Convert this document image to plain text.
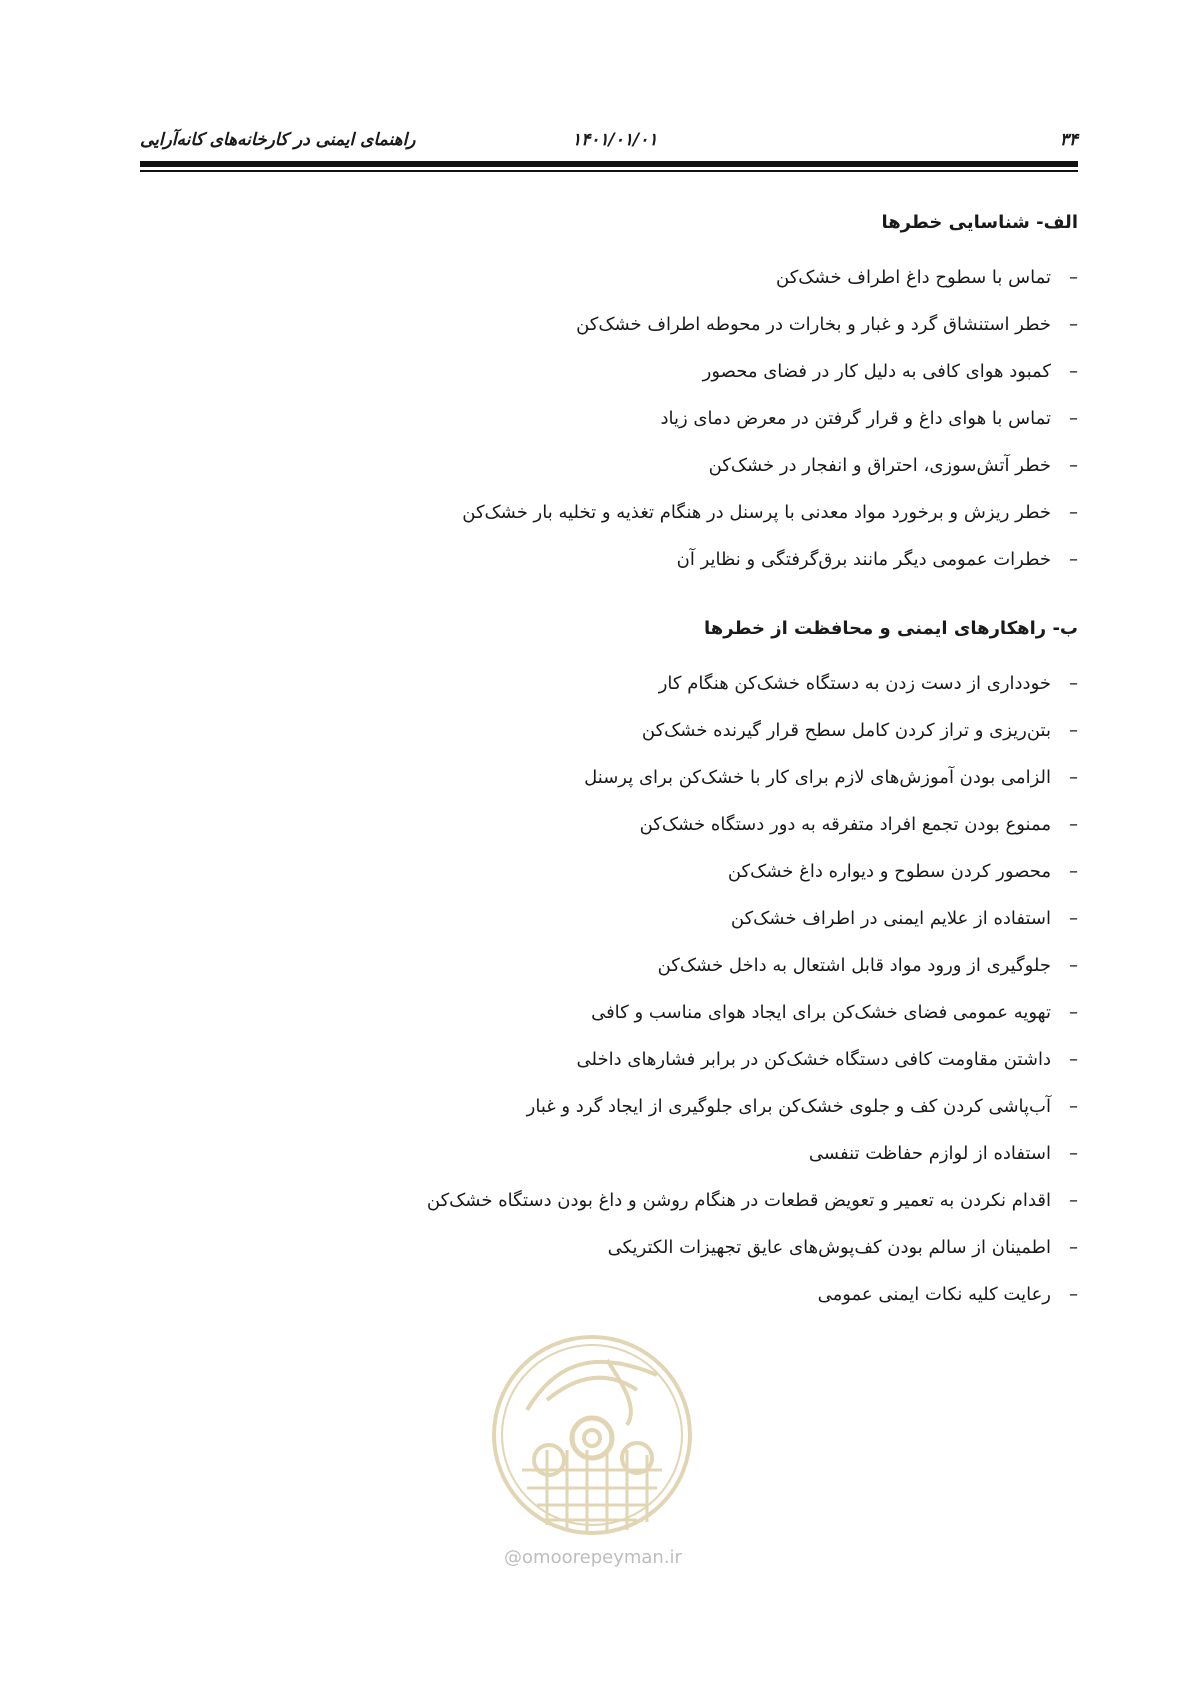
راهنمای ایمنی در کارخانه‌های کانه‌آرایی	۱۴۰۱/۰۱/۰۱	۳۴
الف- شناسایی خطرها
–
تماس با سطوح داغ اطراف خشک‌کن
–
خطر استنشاق گرد و غبار و بخارات در محوطه اطراف خشک‌کن
–
کمبود هوای کافی به دلیل کار در فضای محصور
–
تماس با هوای داغ و قرار گرفتن در معرض دمای زیاد
–
خطر آتش‌سوزی، احتراق و انفجار در خشک‌کن
–
خطر ریزش و برخورد مواد معدنی با پرسنل در هنگام تغذیه و تخلیه بار خشک‌کن
–
خطرات عمومی دیگر مانند برق‌گرفتگی و نظایر آن
ب- راهکارهای ایمنی و محافظت از خطرها
–
خودداری از دست زدن به دستگاه خشک‌کن هنگام کار
–
بتن‌ریزی و تراز کردن کامل سطح قرار گیرنده خشک‌کن
–
الزامی بودن آموزش‌های لازم برای کار با خشک‌کن برای پرسنل
–
ممنوع بودن تجمع افراد متفرقه به دور دستگاه خشک‌کن
–
محصور کردن سطوح و دیواره داغ خشک‌کن
–
استفاده از علایم ایمنی در اطراف خشک‌کن
–
جلوگیری از ورود مواد قابل اشتعال به داخل خشک‌کن
–
تهویه عمومی فضای خشک‌کن برای ایجاد هوای مناسب و کافی
–
داشتن مقاومت کافی دستگاه خشک‌کن در برابر فشارهای داخلی
–
آب‌پاشی کردن کف و جلوی خشک‌کن برای جلوگیری از ایجاد گرد و غبار
–
استفاده از لوازم حفاظت تنفسی
–
اقدام نکردن به تعمیر و تعویض قطعات در هنگام روشن و داغ بودن دستگاه خشک‌کن
–
اطمینان از سالم بودن کف‌پوش‌های عایق تجهیزات الکتریکی
–
رعایت کلیه نکات ایمنی عمومی
@omoorepeyman.ir
